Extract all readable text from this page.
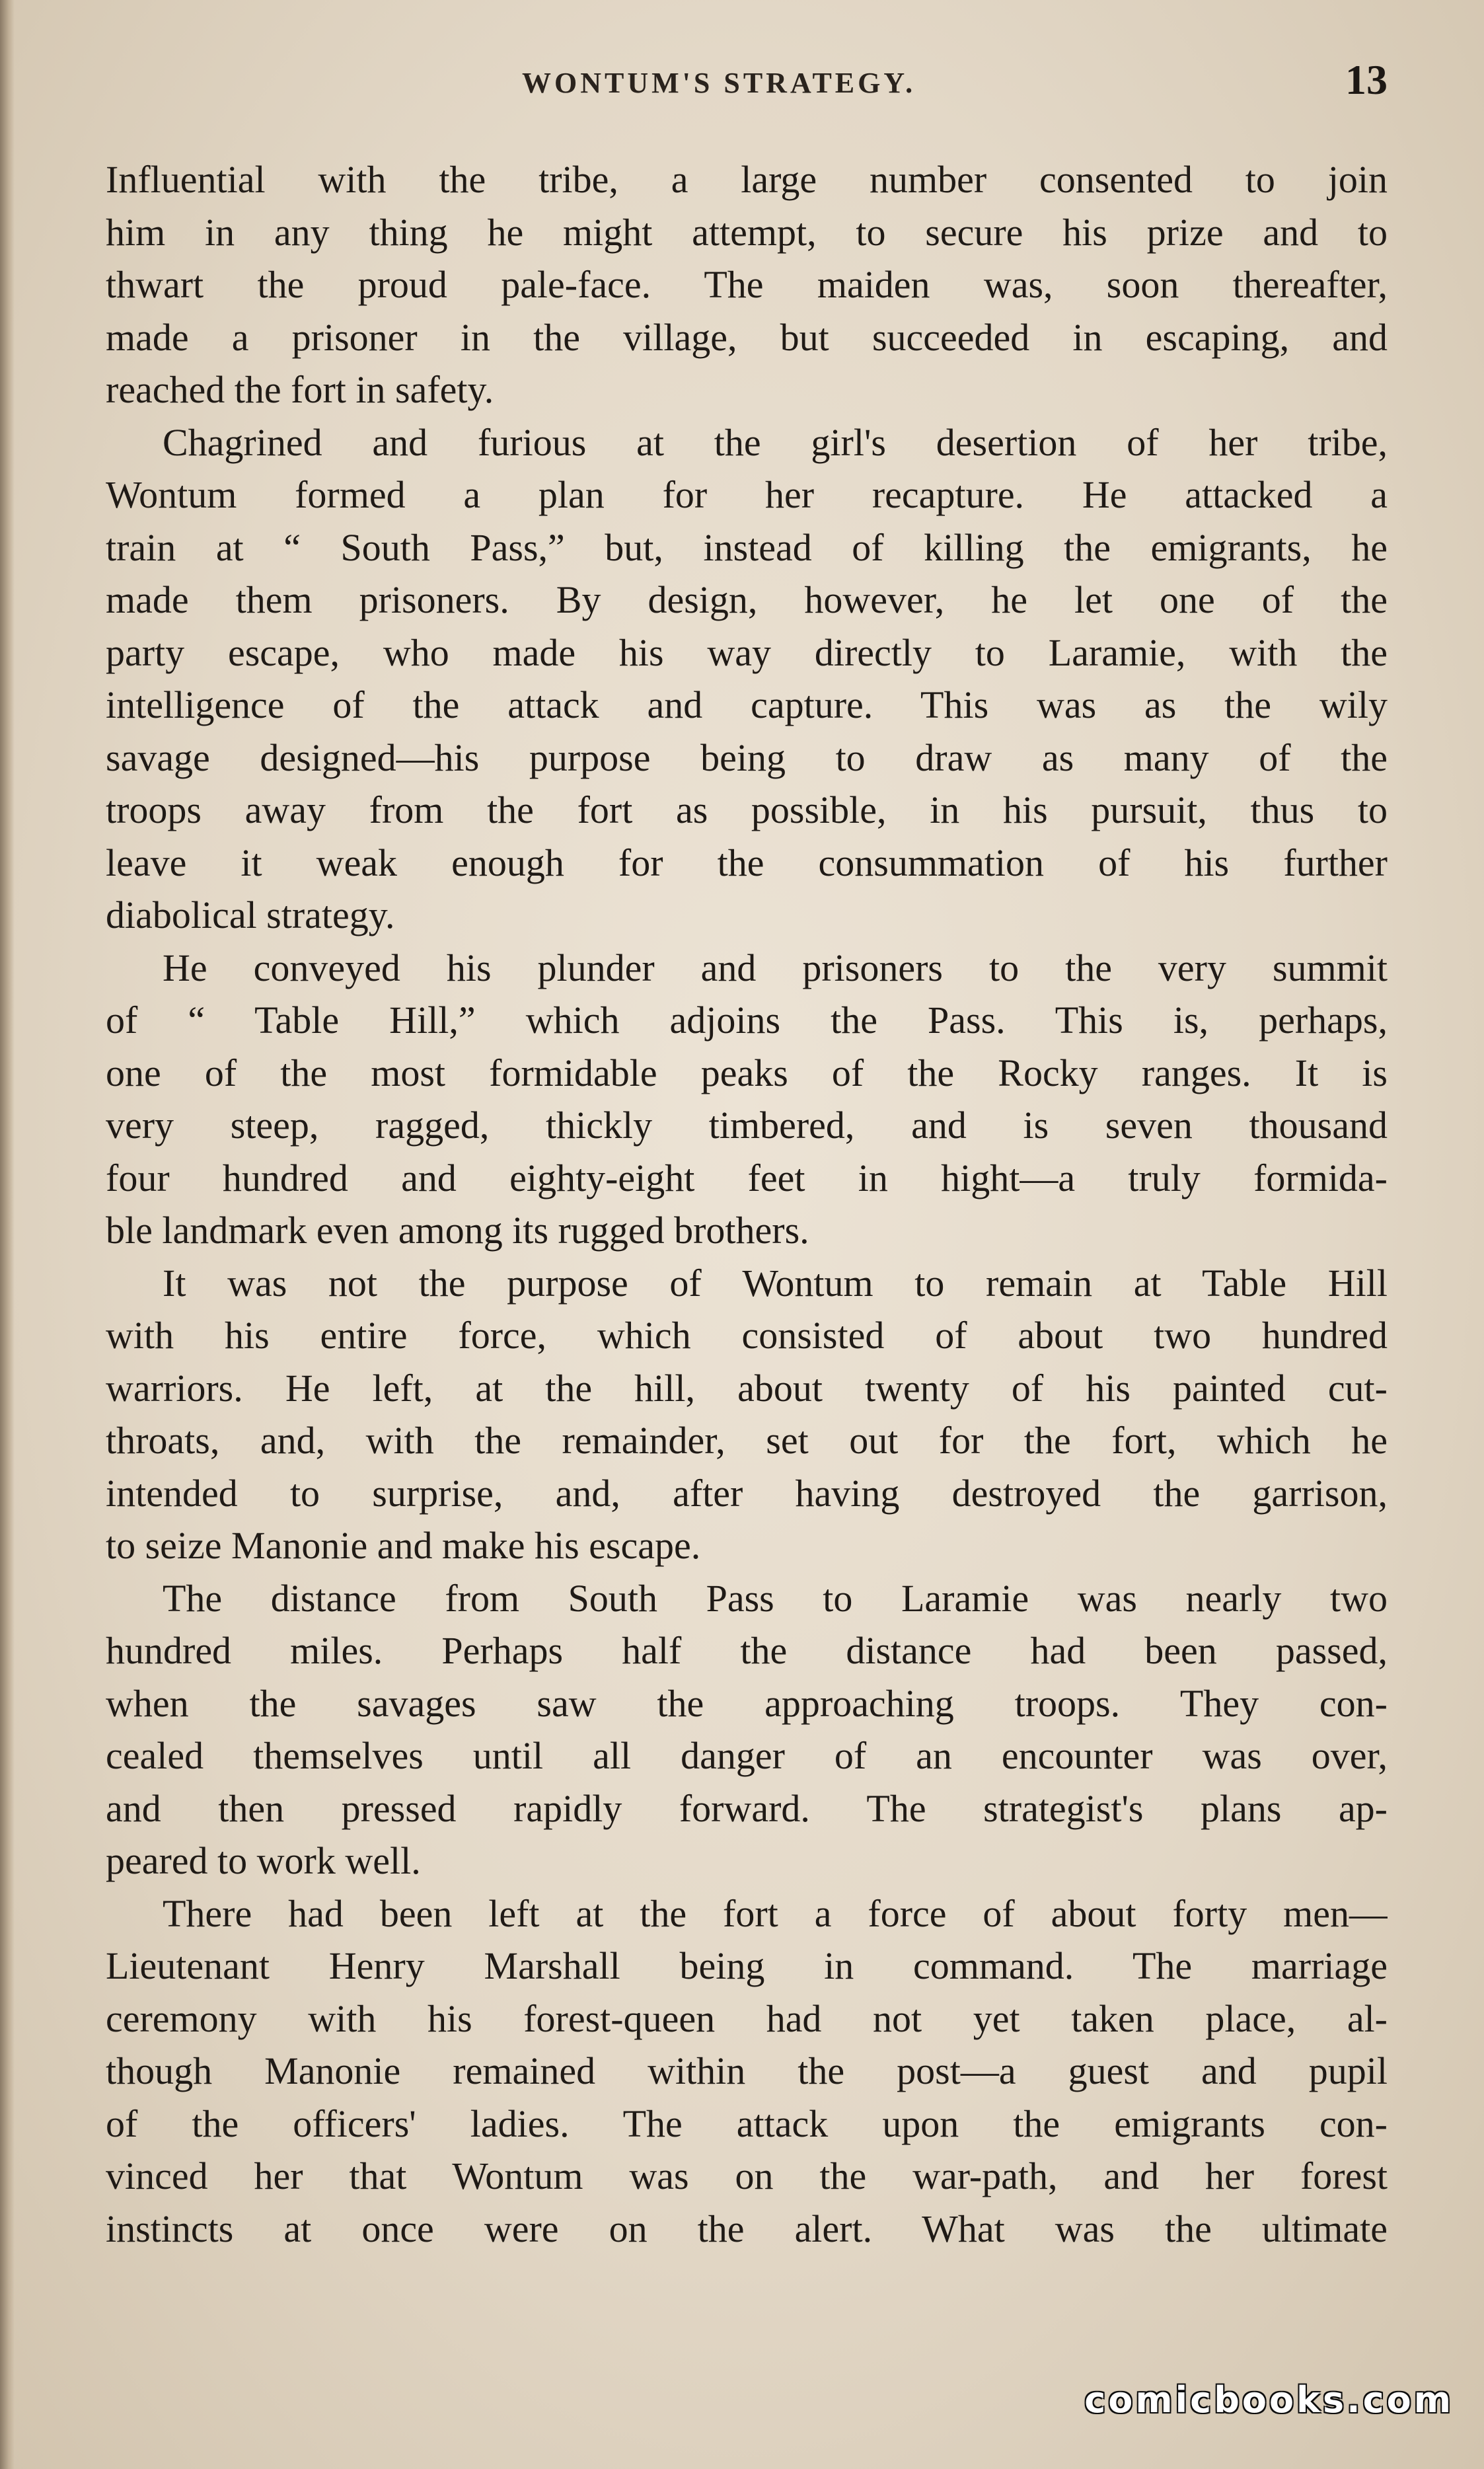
WONTUM'S STRATEGY.	13
Influential with the tribe, a large number consented to join
him in any thing he might attempt, to secure his prize and to
thwart the proud pale-face. The maiden was, soon thereafter,
made a prisoner in the village, but succeeded in escaping, and
reached the fort in safety.
Chagrined and furious at the girl's desertion of her tribe,
Wontum formed a plan for her recapture. He attacked a
train at “ South Pass,” but, instead of killing the emigrants, he
made them prisoners. By design, however, he let one of the
party escape, who made his way directly to Laramie, with the
intelligence of the attack and capture. This was as the wily
savage designed—his purpose being to draw as many of the
troops away from the fort as possible, in his pursuit, thus to
leave it weak enough for the consummation of his further
diabolical strategy.
He conveyed his plunder and prisoners to the very summit
of “ Table Hill,” which adjoins the Pass. This is, perhaps,
one of the most formidable peaks of the Rocky ranges. It is
very steep, ragged, thickly timbered, and is seven thousand
four hundred and eighty-eight feet in hight—a truly formida-
ble landmark even among its rugged brothers.
It was not the purpose of Wontum to remain at Table Hill
with his entire force, which consisted of about two hundred
warriors. He left, at the hill, about twenty of his painted cut-
throats, and, with the remainder, set out for the fort, which he
intended to surprise, and, after having destroyed the garrison,
to seize Manonie and make his escape.
The distance from South Pass to Laramie was nearly two
hundred miles. Perhaps half the distance had been passed,
when the savages saw the approaching troops. They con-
cealed themselves until all danger of an encounter was over,
and then pressed rapidly forward. The strategist's plans ap-
peared to work well.
There had been left at the fort a force of about forty men—
Lieutenant Henry Marshall being in command. The marriage
ceremony with his forest-queen had not yet taken place, al-
though Manonie remained within the post—a guest and pupil
of the officers' ladies. The attack upon the emigrants con-
vinced her that Wontum was on the war-path, and her forest
instincts at once were on the alert. What was the ultimate
comicbooks.com
